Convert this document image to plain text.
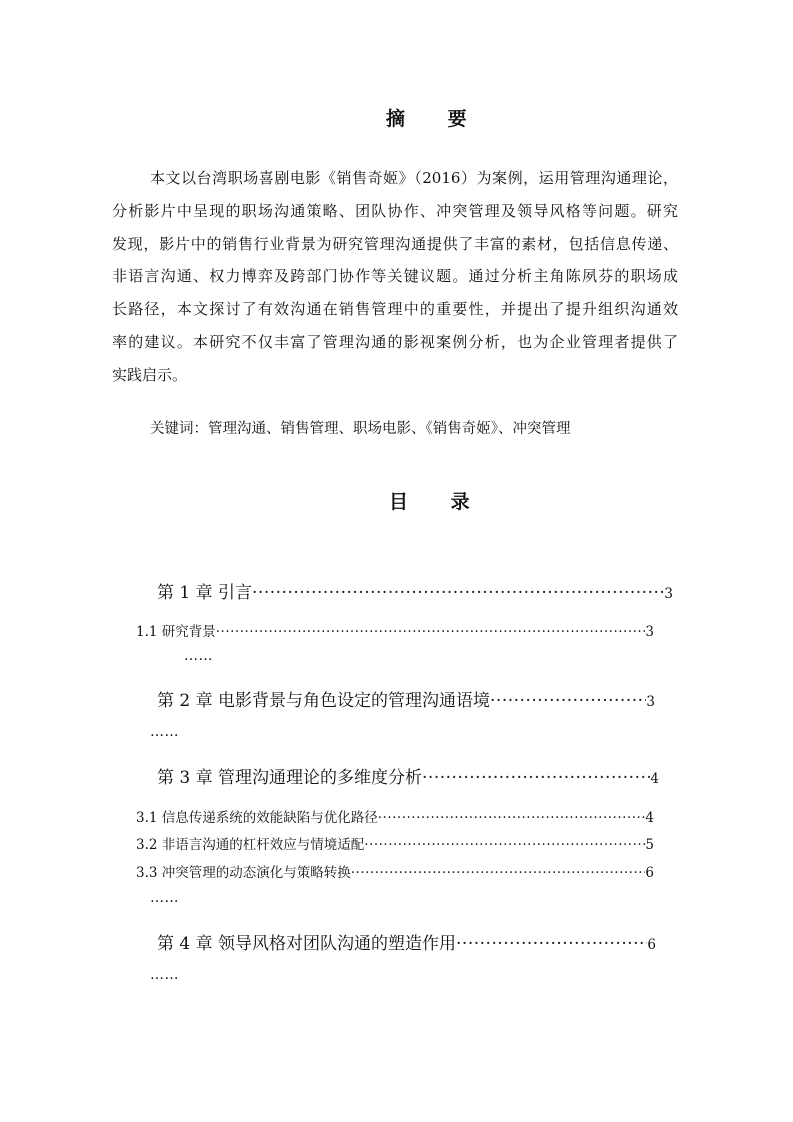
摘 要
本文以台湾职场喜剧电影《销售奇姬》（2016）为案例，运用管理沟通理论，
分析影片中呈现的职场沟通策略、团队协作、冲突管理及领导风格等问题。研究
发现，影片中的销售行业背景为研究管理沟通提供了丰富的素材，包括信息传递、
非语言沟通、权力博弈及跨部门协作等关键议题。通过分析主角陈夙芬的职场成
长路径，本文探讨了有效沟通在销售管理中的重要性，并提出了提升组织沟通效
率的建议。本研究不仅丰富了管理沟通的影视案例分析，也为企业管理者提供了
实践启示。
关键词：管理沟通、销售管理、职场电影、《销售奇姬》、冲突管理
目 录
第 1 章 引言 ·····	3
1.1 研究背景 ·····	3
……
第 2 章 电影背景与角色设定的管理沟通语境 ·····	3
……
第 3 章 管理沟通理论的多维度分析 ·····	4
3.1 信息传递系统的效能缺陷与优化路径 ·····	4
3.2 非语言沟通的杠杆效应与情境适配 ·····	5
3.3 冲突管理的动态演化与策略转换 ·····	6
……
第 4 章 领导风格对团队沟通的塑造作用 ·····	6
……
